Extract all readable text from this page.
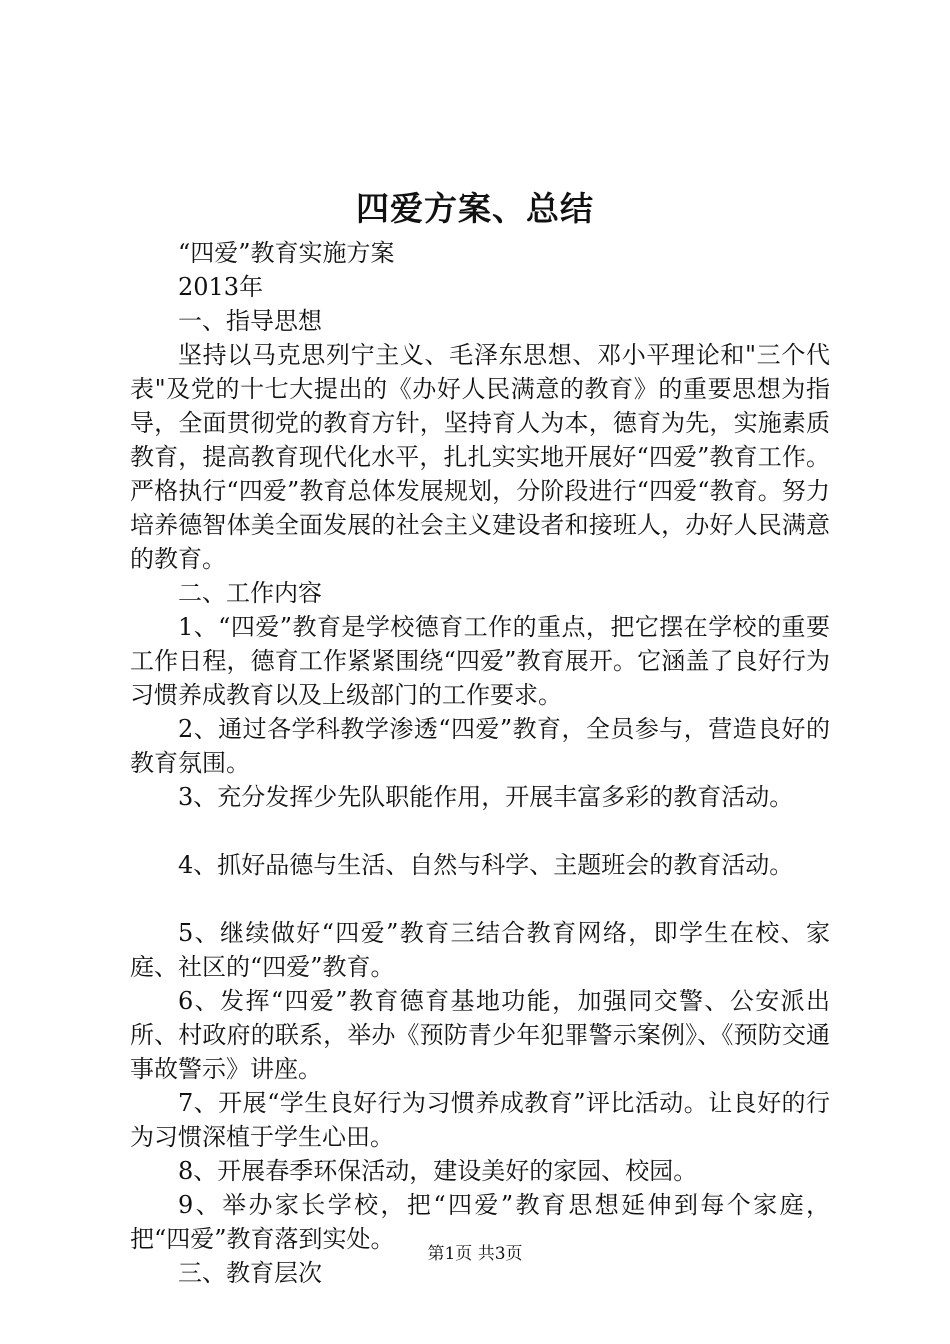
四爱方案、总结

“四爱”教育实施方案

2013年

一、指导思想

坚持以马克思列宁主义、毛泽东思想、邓小平理论和"三个代表"及党的十七大提出的《办好人民满意的教育》的重要思想为指导，全面贯彻党的教育方针，坚持育人为本，德育为先，实施素质教育，提高教育现代化水平，扎扎实实地开展好“四爱”教育工作。严格执行“四爱”教育总体发展规划，分阶段进行“四爱“教育。努力培养德智体美全面发展的社会主义建设者和接班人，办好人民满意的教育。

二、工作内容

1、“四爱”教育是学校德育工作的重点，把它摆在学校的重要工作日程，德育工作紧紧围绕“四爱”教育展开。它涵盖了良好行为习惯养成教育以及上级部门的工作要求。

2、通过各学科教学渗透“四爱”教育，全员参与，营造良好的教育氛围。

3、充分发挥少先队职能作用，开展丰富多彩的教育活动。

4、抓好品德与生活、自然与科学、主题班会的教育活动。

5、继续做好“四爱”教育三结合教育网络，即学生在校、家庭、社区的“四爱”教育。

6、发挥“四爱”教育德育基地功能，加强同交警、公安派出所、村政府的联系，举办《预防青少年犯罪警示案例》、《预防交通事故警示》讲座。

7、开展“学生良好行为习惯养成教育”评比活动。让良好的行为习惯深植于学生心田。

8、开展春季环保活动，建设美好的家园、校园。

9、举办家长学校，把“四爱”教育思想延伸到每个家庭，把“四爱”教育落到实处。

三、教育层次

第1页 共3页
